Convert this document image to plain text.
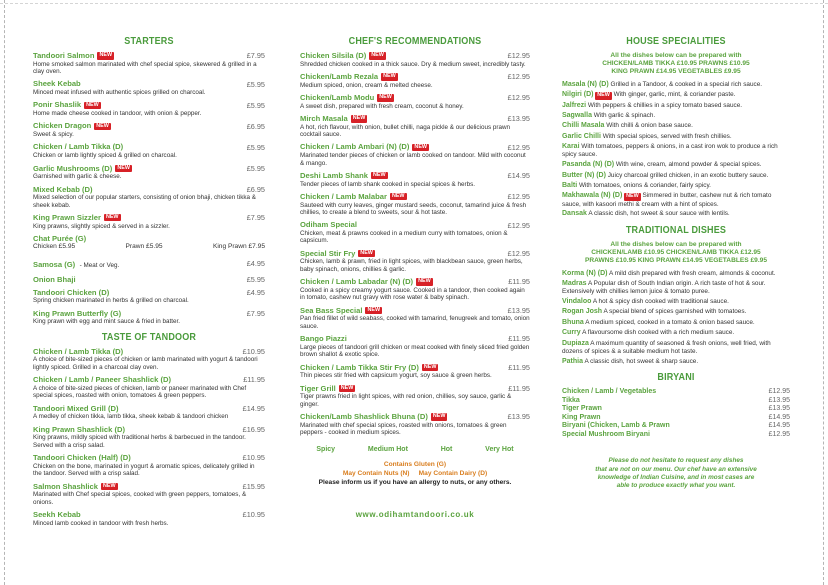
STARTERS
Tandoori Salmon NEW	£7.95
Home smoked salmon marinated with chef special spice, skewered & grilled in a clay oven.
Sheek Kebab	£5.95
Minced meat infused with authentic spices grilled on charcoal.
Ponir Shaslik NEW	£5.95
Home made cheese cooked in tandoor, with onion & pepper.
Chicken Dragon NEW	£6.95
Sweet & spicy.
Chicken / Lamb Tikka (D)	£5.95
Chicken or lamb lightly spiced & grilled on charcoal.
Garlic Mushrooms (D) NEW	£5.95
Garnished with garlic & cheese.
Mixed Kebab (D)	£6.95
Mixed selection of our popular starters, consisting of onion bhaji, chicken tikka & sheek kebab.
King Prawn Sizzler NEW	£7.95
King prawns, slightly spiced & served in a sizzler.
Chat Purée (G)
Chicken £5.95	Prawn £5.95	King Prawn £7.95
Samosa (G) - Meat or Veg.	£4.95
Onion Bhaji	£5.95
Tandoori Chicken (D)	£4.95
Spring chicken marinated in herbs & grilled on charcoal.
King Prawn Butterfly (G)	£7.95
King prawn with egg and mint sauce & fried in batter.
TASTE OF TANDOOR
Chicken / Lamb Tikka (D)	£10.95
A choice of bite-sized pieces of chicken or lamb marinated with yogurt & tandoori lightly spiced. Grilled in a charcoal clay oven.
Chicken / Lamb / Paneer Shashlick (D)	£11.95
A choice of bite-sized pieces of chicken, lamb or paneer marinated with Chef special spices, roasted with onion, tomatoes & green peppers.
Tandoori Mixed Grill (D)	£14.95
A medley of chicken tikka, lamb tikka, sheek kebab & tandoori chicken
King Prawn Shashlick (D)	£16.95
King prawns, mildly spiced with traditional herbs & barbecued in the tandoor. Served with a crisp salad.
Tandoori Chicken (Half) (D)	£10.95
Chicken on the bone, marinated in yogurt & aromatic spices, delicately grilled in the tandoor. Served with a crisp salad.
Salmon Shashlick NEW	£15.95
Marinated with Chef special spices, cooked with green peppers, tomatoes, & onions.
Seekh Kebab	£10.95
Minced lamb cooked in tandoor with fresh herbs.
CHEF'S RECOMMENDATIONS
Chicken Silsila (D) NEW	£12.95
Shredded chicken cooked in a thick sauce. Dry & medium sweet, incredibly tasty.
Chicken/Lamb Rezala NEW	£12.95
Medium spiced, onion, cream & melted cheese.
Chicken/Lamb Modu NEW	£12.95
A sweet dish, prepared with fresh cream, coconut & honey.
Mirch Masala NEW	£13.95
A hot, rich flavour, with onion, bullet chilli, naga pickle & our delicious prawn cocktail sauce.
Chicken / Lamb Ambari (N) (D) NEW	£12.95
Marinated tender pieces of chicken or lamb cooked on tandoor. Mild with coconut & mango.
Deshi Lamb Shank NEW	£14.95
Tender pieces of lamb shank cooked in special spices & herbs.
Chicken / Lamb Malabar NEW	£12.95
Sauteed with curry leaves, ginger mustard seeds, coconut, tamarind juice & fresh chillies, to create a blend to sweets, sour & hot taste.
Odiham Special	£12.95
Chicken, meat & prawns cooked in a medium curry with tomatoes, onion & capsicum.
Special Stir Fry NEW	£12.95
Chicken, lamb & prawn, fried in light spices, with blackbean sauce, green herbs, baby spinach, onions, chillies & garlic.
Chicken / Lamb Labadar (N) (D) NEW	£11.95
Cooked in a spicy creamy yogurt sauce. Cooked in a tandoor, then cooked again in tomato, cashew nut gravy with rose water & baby spinach.
Sea Bass Special NEW	£13.95
Pan fried fillet of wild seabass, cooked with tamarind, fenugreek and tomato, onion sauce.
Bango Piazzi	£11.95
Large pieces of tandoori grill chicken or meat cooked with finely sliced fried golden brown shallot & exotic spice.
Chicken / Lamb Tikka Stir Fry (D) NEW	£11.95
Thin pieces stir fried with capsicum yogurt, soy sauce & green herbs.
Tiger Grill NEW	£11.95
Tiger prawns fried in light spices, with red onion, chillies, soy sauce, garlic & ginger.
Chicken/Lamb Shashlick Bhuna (D) NEW	£13.95
Marinated with chef special spices, roasted with onions, tomatoes & green peppers - cooked in medium spices.
Spicy	Medium Hot	Hot	Very Hot
Contains Gluten (G)
May Contain Nuts (N)     May Contain Dairy (D)
Please inform us if you have an allergy to nuts, or any others.
www.odihamtandoori.co.uk
HOUSE SPECIALITIES
All the dishes below can be prepared with
CHICKEN/LAMB TIKKA £10.95 PRAWNS £10.95
KING PRAWN £14.95 VEGETABLES £9.95
Masala (N) (D) Grilled in a Tandoor, & cooked in a special rich sauce.
Nilgiri (D) NEW With ginger, garlic, mint, & coriander paste.
Jalfrezi With peppers & chillies in a spicy tomato based sauce.
Sagwalla With garlic & spinach.
Chilli Masala With chilli & onion base sauce.
Garlic Chilli With special spices, served with fresh chillies.
Karai With tomatoes, peppers & onions, in a cast iron wok to produce a rich spicy sauce.
Pasanda (N) (D) With wine, cream, almond powder & special spices.
Butter (N) (D) Juicy charcoal grilled chicken, in an exotic buttery sauce.
Balti With tomatoes, onions & coriander, fairly spicy.
Makhawala (N) (D) NEW Simmered in butter, cashew nut & rich tomato sauce, with kasoori methi & cream with a hint of spices.
Dansak A classic dish, hot sweet & sour sauce with lentils.
TRADITIONAL DISHES
All the dishes below can be prepared with
CHICKEN/LAMB £10.95 CHICKEN/LAMB TIKKA £12.95
PRAWNS £10.95 KING PRAWN £14.95 VEGETABLES £9.95
Korma (N) (D) A mild dish prepared with fresh cream, almonds & coconut.
Madras A Popular dish of South Indian origin. A rich taste of hot & sour. Extensively with chillies lemon juice & tomato puree.
Vindaloo A hot & spicy dish cooked with traditional sauce.
Rogan Josh A special blend of spices garnished with tomatoes.
Bhuna A medium spiced, cooked in a tomato & onion based sauce.
Curry A flavoursome dish cooked with a rich medium sauce.
Dupiaza A maximum quantity of seasoned & fresh onions, well fried, with dozens of spices & a suitable medium hot taste.
Pathia A classic dish, hot sweet & sharp sauce.
BIRYANI
Chicken / Lamb / Vegetables	£12.95
Tikka	£13.95
Tiger Prawn	£13.95
King Prawn	£14.95
Biryani (Chicken, Lamb & Prawn	£14.95
Special Mushroom Biryani	£12.95
Please do not hesitate to request any dishes
that are not on our menu. Our chef have an extensive
knowledge of Indian Cuisine, and in most cases are
able to produce exactly what you want.
